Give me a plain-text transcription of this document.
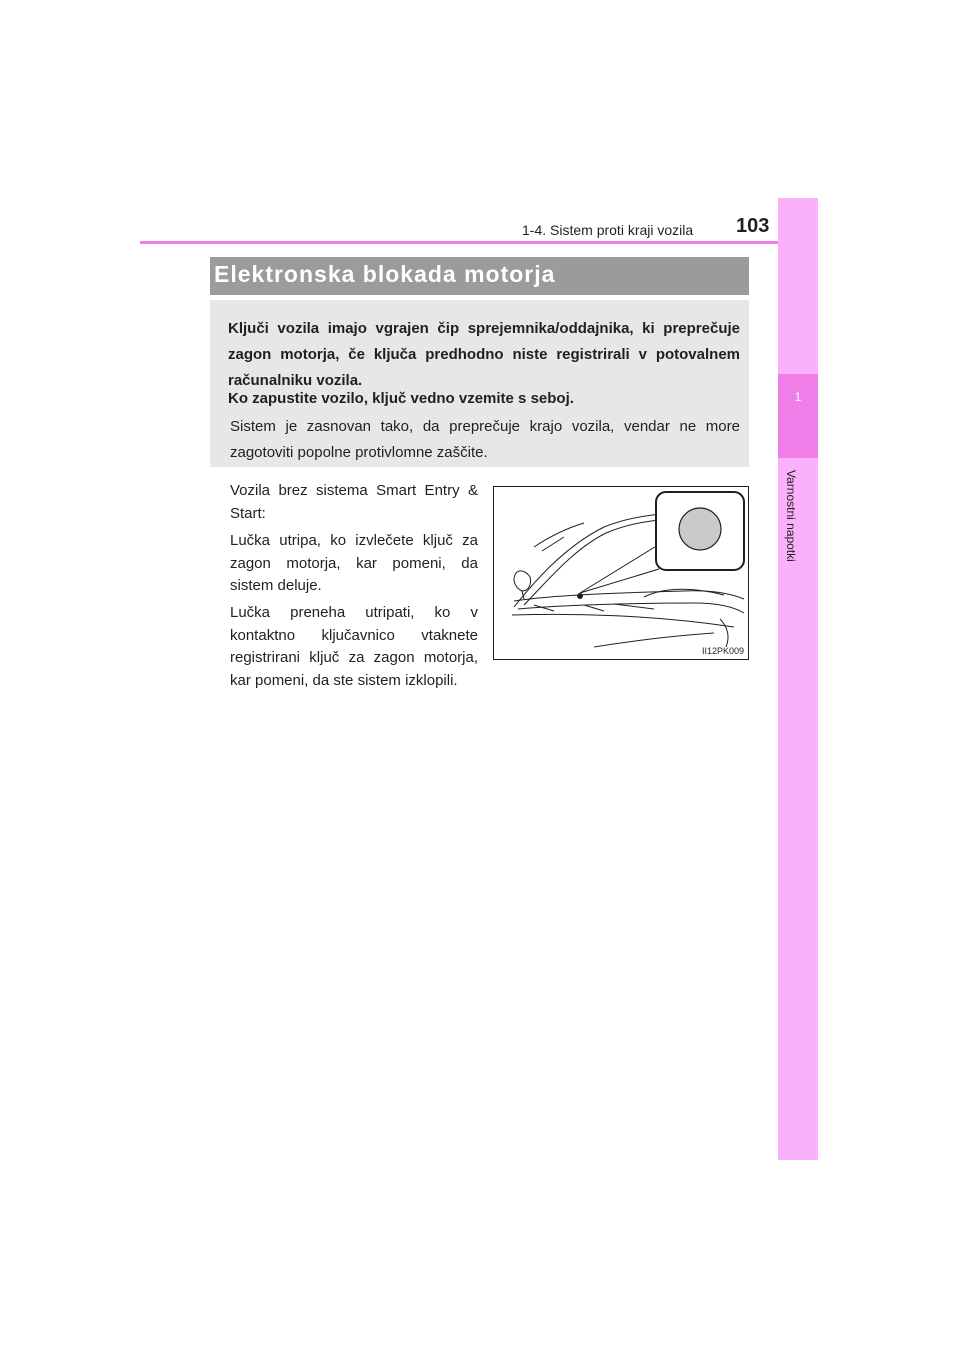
1-4. Sistem proti kraji vozila 103
1
Varnostni napotki
Elektronska blokada motorja
Ključi vozila imajo vgrajen čip sprejemnika/oddajnika, ki preprečuje zagon motorja, če ključa predhodno niste registrirali v potovalnem računalniku vozila.
Ko zapustite vozilo, ključ vedno vzemite s seboj.
Sistem je zasnovan tako, da preprečuje krajo vozila, vendar ne more zagotoviti popolne protivlomne zaščite.
Vozila brez sistema Smart Entry & Start:
Lučka utripa, ko izvlečete ključ za zagon motorja, kar pomeni, da sistem deluje.
Lučka preneha utripati, ko v kontaktno ključavnico vtaknete registrirani ključ za zagon motorja, kar pomeni, da ste sistem izklopili.
II12PK009
